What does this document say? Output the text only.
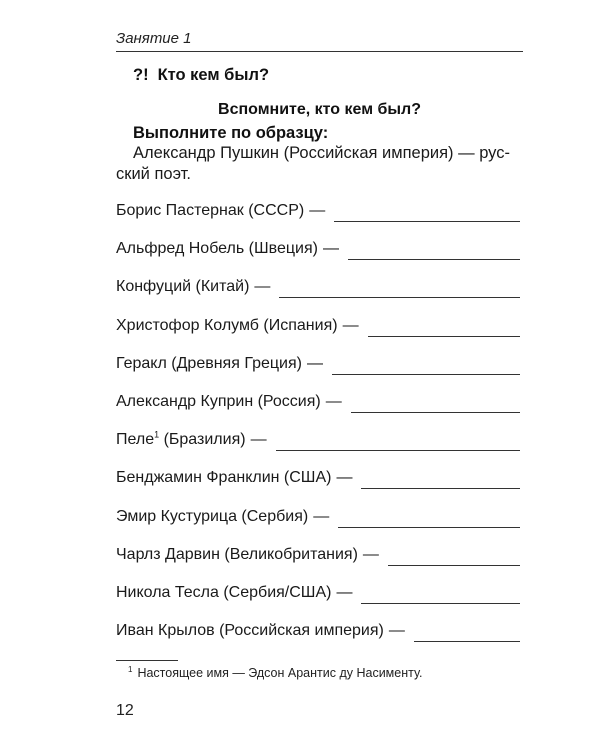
Занятие 1
?! Кто кем был?
Вспомните, кто кем был?
Выполните по образцу:
Александр Пушкин (Российская империя) — русский поэт.
Борис Пастернак (СССР) —
Альфред Нобель (Швеция) —
Конфуций (Китай) —
Христофор Колумб (Испания) —
Геракл (Древняя Греция) —
Александр Куприн (Россия) —
Пеле$^1$ (Бразилия) —
Бенджамин Франклин (США) —
Эмир Кустурица (Сербия) —
Чарлз Дарвин (Великобритания) —
Никола Тесла (Сербия/США) —
Иван Крылов (Российская империя) —
$^1$ Настоящее имя — Эдсон Арантис ду Насименту.
12
